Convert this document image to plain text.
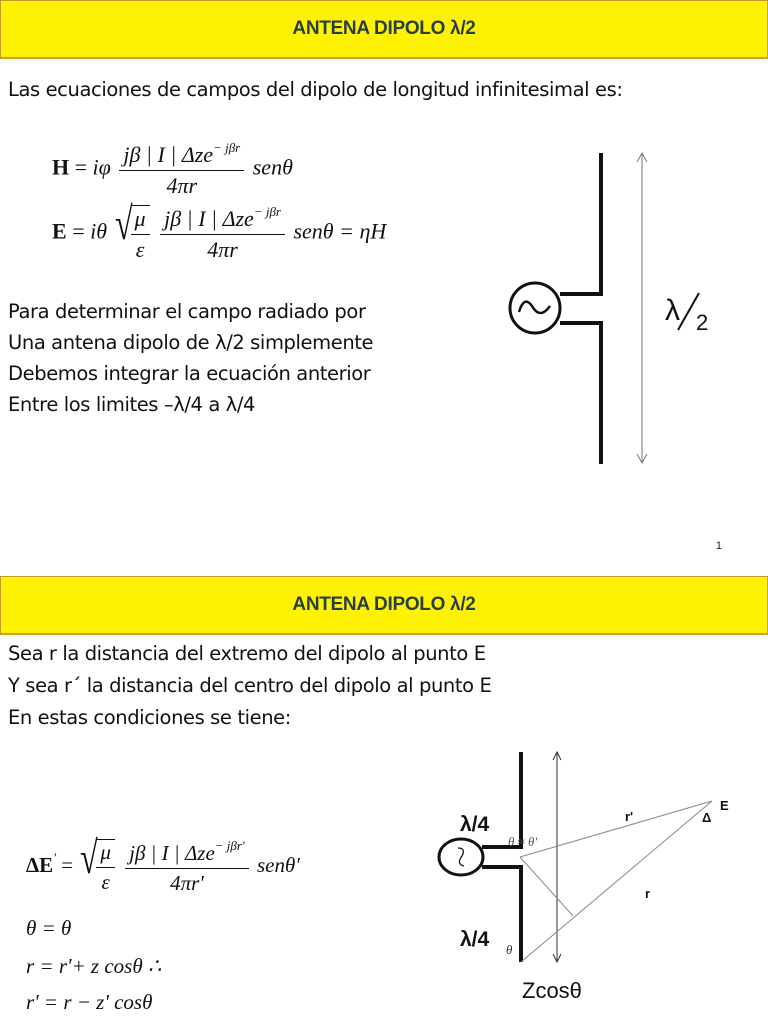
ANTENA DIPOLO λ/2
Las ecuaciones de campos del dipolo de longitud infinitesimal es:
H = iφ $\frac{j\beta | I | \Delta ze^{- j\beta r}}{4\pi r}$ senθ
E = iθ √
$\frac{\mu}{\varepsilon}$
$\frac{j\beta | I | \Delta ze^{- j\beta r}}{4\pi r}$ senθ = ηH
Para determinar el campo radiado por
Una antena dipolo de λ/2 simplemente
Debemos integrar la ecuación anterior
Entre los limites –λ/4 a λ/4
λ 2
1
ANTENA DIPOLO λ/2
Sea r la distancia del extremo del dipolo al punto E
Y sea r´ la distancia del centro del dipolo al punto E
En estas condiciones se tiene:
ΔE' = √
$\frac{\mu}{\varepsilon}$
$\frac{j\beta | I | \Delta ze^{- j\beta r'}}{4\pi r'} sen\theta'$
θ = θ
r = r'+ z cosθ ∴
r' = r − z' cosθ
λ/4
λ/4
θ ≈ θ'
θ
r'
r
Δ
E
Zcosθ
